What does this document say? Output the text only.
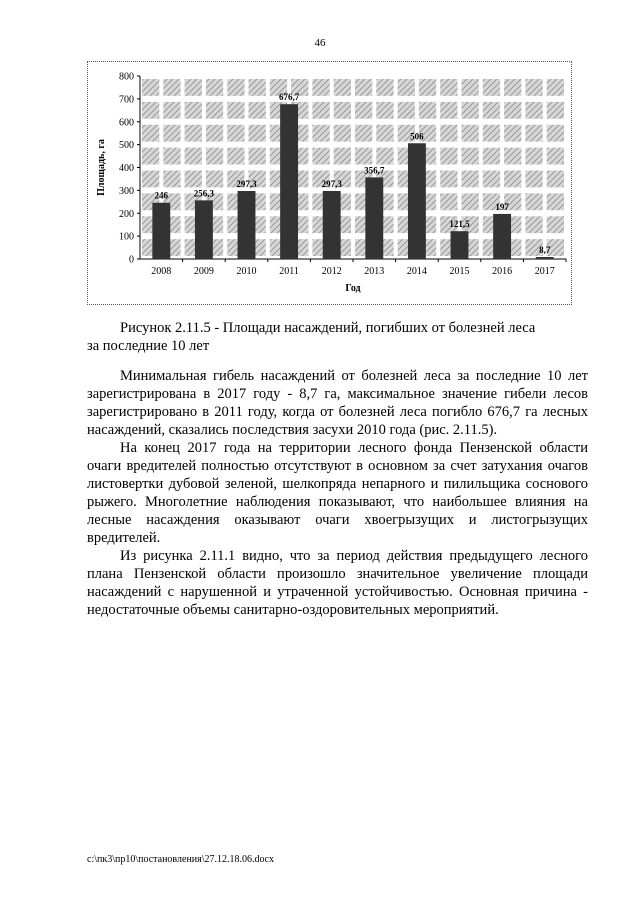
46
0
100
200
300
400
500
600
700
800
2008
246
2009
256,3
2010
297,3
2011
676,7
2012
297,3
2013
356,7
2014
506
2015
121,5
2016
197
2017
8,7
Год
Площадь, га
Рисунок 2.11.5 - Площади насаждений, погибших от болезней леса
за последние 10 лет

Минимальная гибель насаждений от болезней леса за последние 10 лет зарегистрирована в 2017 году - 8,7 га, максимальное значение гибели лесов зарегистрировано в 2011 году, когда от болезней леса погибло 676,7 га лесных насаждений, сказались последствия засухи 2010 года (рис. 2.11.5).

На конец 2017 года на территории лесного фонда Пензенской области очаги вредителей полностью отсутствуют в основном за счет затухания очагов листовертки дубовой зеленой, шелкопряда непарного и пилильщика соснового рыжего. Многолетние наблюдения показывают, что наибольшее влияния на лесные насаждения оказывают очаги хвоегрызущих и листогрызущих вредителей.

Из рисунка 2.11.1 видно, что за период действия предыдущего лесного плана Пензенской области произошло значительное увеличение площади насаждений с нарушенной и утраченной устойчивостью. Основная причина - недостаточные объемы санитарно-оздоровительных мероприятий.

c:\пк3\пр10\постановления\27.12.18.06.docx
